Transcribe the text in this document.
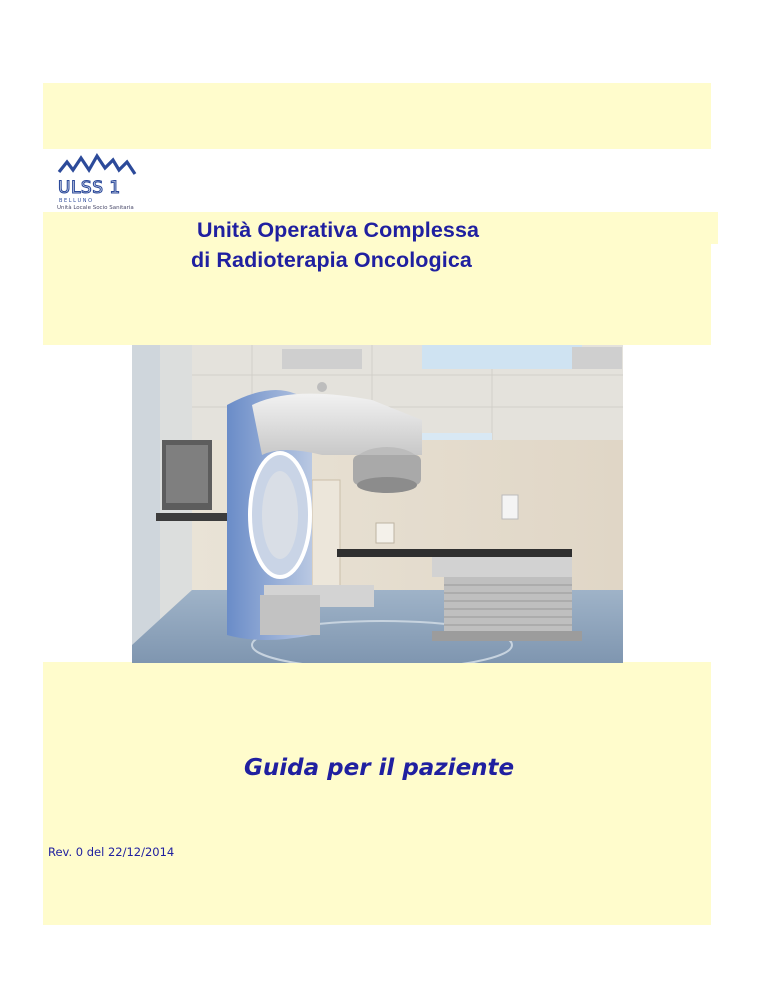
ULSS 1
B E L L U N O
Unità Locale Socio Sanitaria
Unità Operativa Complessa
di Radioterapia Oncologica
Guida per il paziente
Rev. 0 del 22/12/2014
